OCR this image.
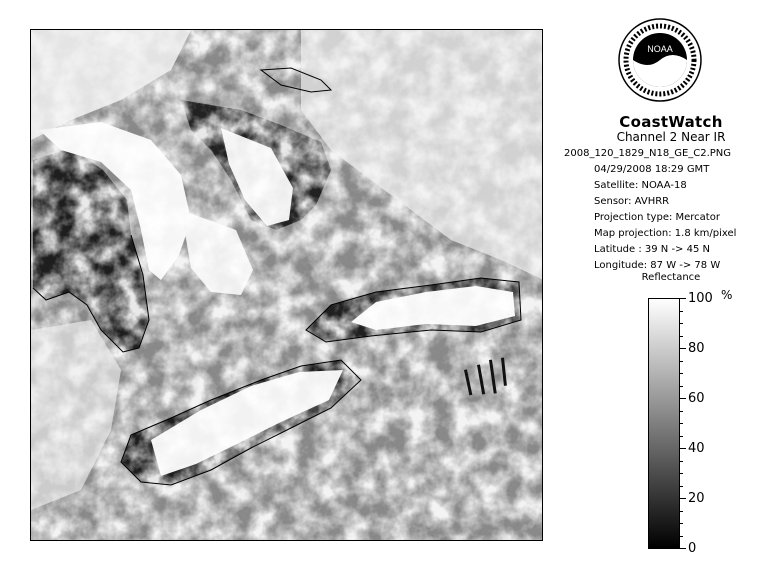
NOAA
CoastWatch
Channel 2 Near IR
2008_120_1829_N18_GE_C2.PNG
04/29/2008 18:29 GMT
Satellite: NOAA-18
Sensor: AVHRR
Projection type: Mercator
Map projection: 1.8 km/pixel
Latitude : 39 N -> 45 N
Longitude: 87 W -> 78 W
Reflectance
%
100
80
60
40
20
0
